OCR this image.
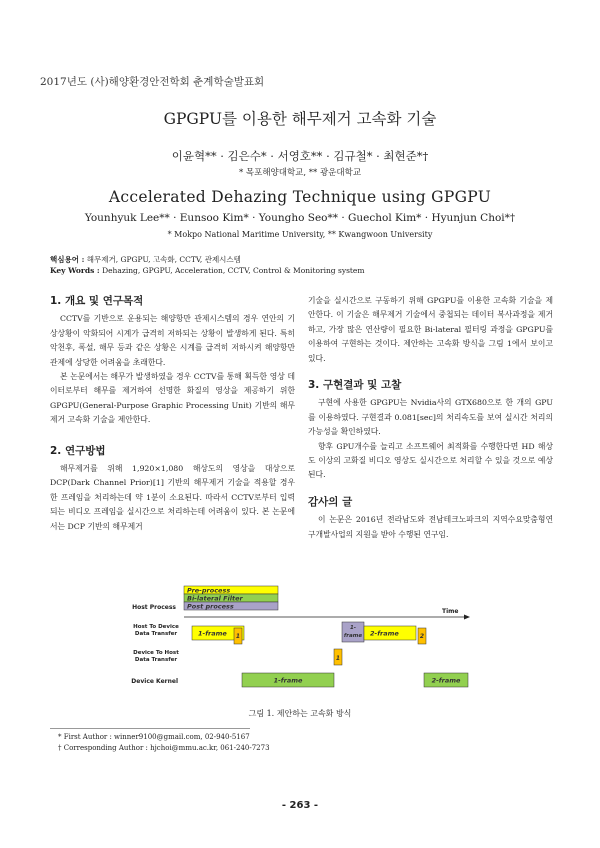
2017년도 (사)해양환경안전학회 춘계학술발표회
GPGPU를 이용한 해무제거 고속화 기술
이윤혁** · 김은수* · 서영호** · 김규철* · 최현준*†
* 목포해양대학교, ** 광운대학교
Accelerated Dehazing Technique using GPGPU
Younhyuk Lee** · Eunsoo Kim* · Youngho Seo** · Guechol Kim* · Hyunjun Choi*†
* Mokpo National Maritime University, ** Kwangwoon University
핵심용어 : 해무제거, GPGPU, 고속화, CCTV, 관제시스템
Key Words : Dehazing, GPGPU, Acceleration, CCTV, Control & Monitoring system
1. 개요 및 연구목적

CCTV를 기반으로 운용되는 해양항만 관제시스템의 경우 연안의 기상상황이 악화되어 시계가 급격히 저하되는 상황이 발생하게 된다. 특히 악천후, 폭설, 해무 등과 같은 상황은 시계를 급격히 저하시켜 해양항만 관제에 상당한 어려움을 초래한다.

본 논문에서는 해무가 발생하였을 경우 CCTV를 통해 획득한 영상 데이터로부터 해무를 제거하여 선명한 화질의 영상을 제공하기 위한 GPGPU(General-Purpose Graphic Processing Unit) 기반의 해무제거 고속화 기술을 제안한다.

2. 연구방법

해무제거를 위해 1,920×1,080 해상도의 영상을 대상으로 DCP(Dark Channel Prior)[1] 기반의 해무제거 기술을 적용할 경우 한 프레임을 처리하는데 약 1분이 소요된다. 따라서 CCTV로부터 입력되는 비디오 프레임을 실시간으로 처리하는데 어려움이 있다. 본 논문에서는 DCP 기반의 해무제거

기술을 실시간으로 구동하기 위해 GPGPU를 이용한 고속화 기술을 제안한다. 이 기술은 해무제거 기술에서 중첩되는 데이터 복사과정을 제거하고, 가장 많은 연산량이 필요한 Bi-lateral 필터링 과정을 GPGPU를 이용하여 구현하는 것이다. 제안하는 고속화 방식을 그림 1에서 보이고 있다.

3. 구현결과 및 고찰

구현에 사용한 GPGPU는 Nvidia사의 GTX680으로 한 개의 GPU를 이용하였다. 구현결과 0.081[sec]의 처리속도를 보여 실시간 처리의 가능성을 확인하였다.

향후 GPU개수를 늘리고 소프트웨어 최적화를 수행한다면 HD 해상도 이상의 고화질 비디오 영상도 실시간으로 처리할 수 있을 것으로 예상된다.

감사의 글

이 논문은 2016년 전라남도와 전남테크노파크의 지역수요맞춤형연구개발사업의 지원을 받아 수행된 연구임.

Pre-process
Bi-lateral Filter
Post process
Time
Host Process
Host To Device Data Transfer
Device To Host Data Transfer
Device Kernel
1-frame
1-frame 2-frame
1	2
1
1-frame	2-frame
그림 1. 제안하는 고속화 방식
* First Author : winner9100@gmail.com, 02-940-5167
† Corresponding Author : hjchoi@mmu.ac.kr, 061-240-7273
- 263 -
